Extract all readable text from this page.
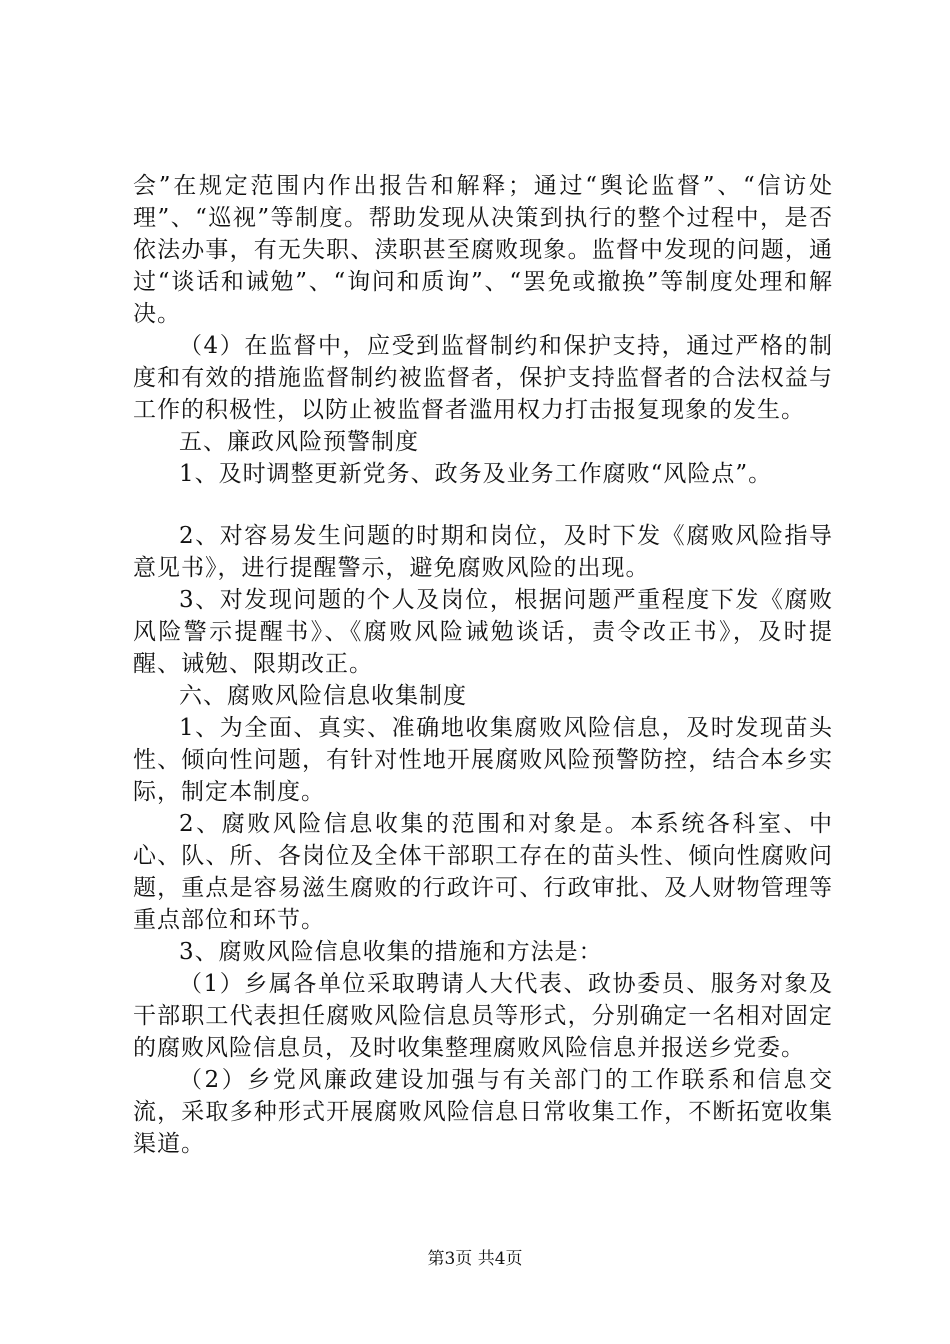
会”在规定范围内作出报告和解释；通过“舆论监督”、“信访处理”、“巡视”等制度。帮助发现从决策到执行的整个过程中，是否依法办事，有无失职、渎职甚至腐败现象。监督中发现的问题，通过“谈话和诫勉”、“询问和质询”、“罢免或撤换”等制度处理和解决。

（4）在监督中，应受到监督制约和保护支持，通过严格的制度和有效的措施监督制约被监督者，保护支持监督者的合法权益与工作的积极性，以防止被监督者滥用权力打击报复现象的发生。

五、廉政风险预警制度

1、及时调整更新党务、政务及业务工作腐败“风险点”。

2、对容易发生问题的时期和岗位，及时下发《腐败风险指导意见书》，进行提醒警示，避免腐败风险的出现。

3、对发现问题的个人及岗位，根据问题严重程度下发《腐败风险警示提醒书》、《腐败风险诫勉谈话，责令改正书》，及时提醒、诫勉、限期改正。

六、腐败风险信息收集制度

1、为全面、真实、准确地收集腐败风险信息，及时发现苗头性、倾向性问题，有针对性地开展腐败风险预警防控，结合本乡实际，制定本制度。

2、腐败风险信息收集的范围和对象是。本系统各科室、中心、队、所、各岗位及全体干部职工存在的苗头性、倾向性腐败问题，重点是容易滋生腐败的行政许可、行政审批、及人财物管理等重点部位和环节。

3、腐败风险信息收集的措施和方法是：

（1）乡属各单位采取聘请人大代表、政协委员、服务对象及干部职工代表担任腐败风险信息员等形式，分别确定一名相对固定的腐败风险信息员，及时收集整理腐败风险信息并报送乡党委。

（2）乡党风廉政建设加强与有关部门的工作联系和信息交流，采取多种形式开展腐败风险信息日常收集工作，不断拓宽收集渠道。

第3页 共4页
